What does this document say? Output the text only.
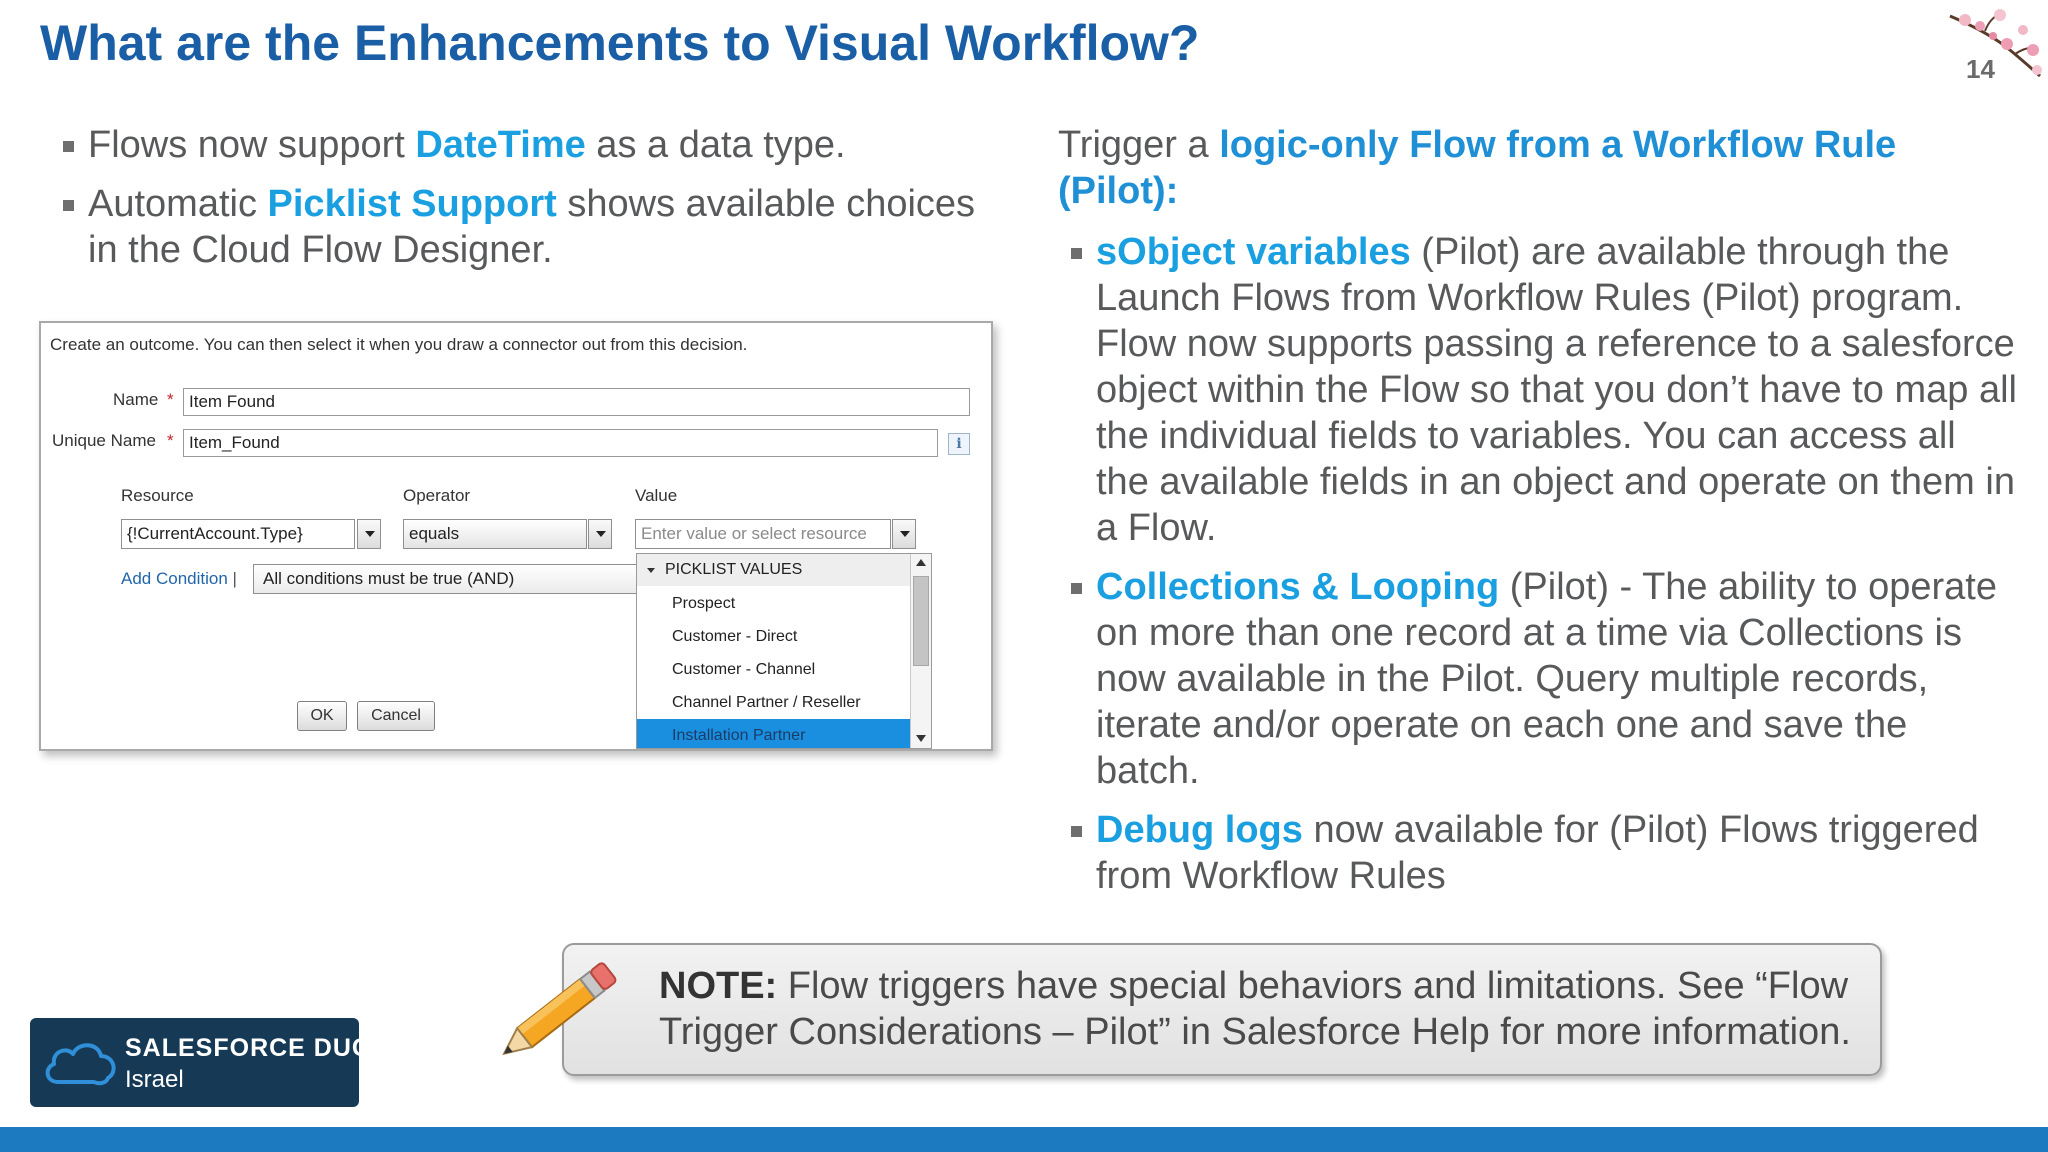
What are the Enhancements to Visual Workflow?	14
Flows now support DateTime as a data type.
Automatic Picklist Support shows available choices in the Cloud Flow Designer.
Create an outcome. You can then select it when you draw a connector out from this decision.
Name * Item Found
Unique Name * Item_Found	i
Resource	Operator	Value
{!CurrentAccount.Type}	equals	Enter value or select resource
Add Condition |	All conditions must be true (AND)
OK	Cancel
PICKLIST VALUES
Prospect
Customer - Direct
Customer - Channel
Channel Partner / Reseller
Installation Partner
Trigger a logic-only Flow from a Workflow Rule (Pilot):
sObject variables (Pilot) are available through the Launch Flows from Workflow Rules (Pilot) program. Flow now supports passing a reference to a salesforce object within the Flow so that you don’t have to map all the individual fields to variables. You can access all the available fields in an object and operate on them in a Flow.
Collections & Looping (Pilot) - The ability to operate on more than one record at a time via Collections is now available in the Pilot. Query multiple records, iterate and/or operate on each one and save the batch.
Debug logs now available for (Pilot) Flows triggered from Workflow Rules
NOTE: Flow triggers have special behaviors and limitations. See “Flow Trigger Considerations – Pilot” in Salesforce Help for more information.
SALESFORCE DUG
Israel
